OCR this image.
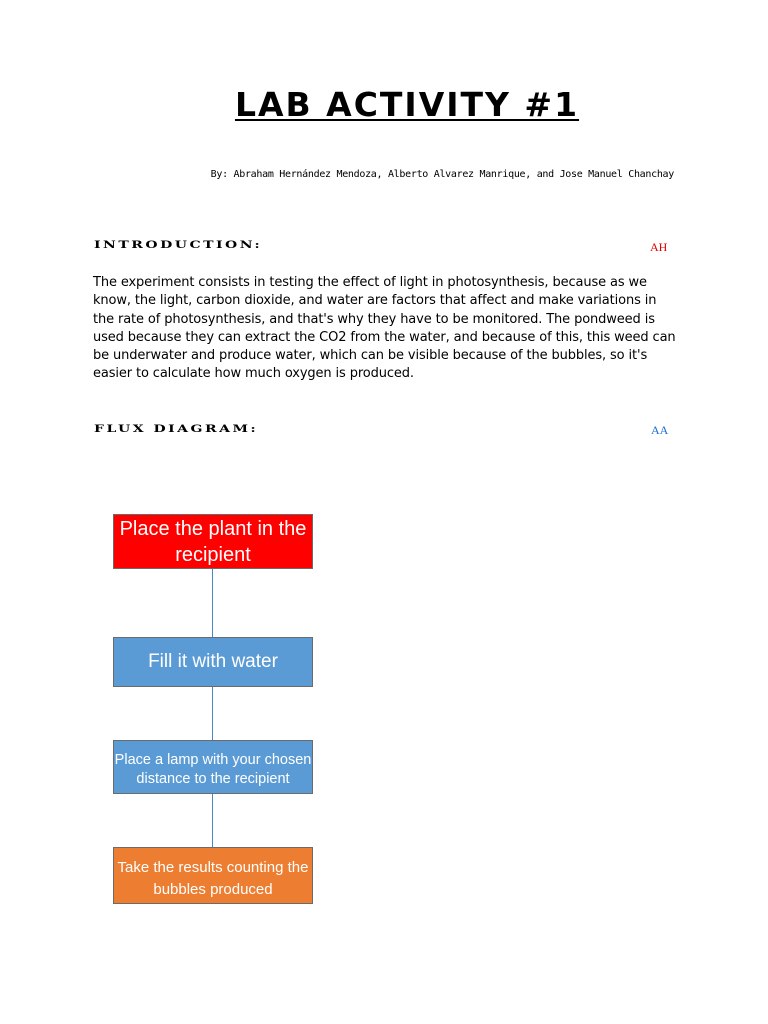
LAB ACTIVITY #1
By: Abraham Hernández Mendoza, Alberto Alvarez Manrique, and Jose Manuel Chanchay
INTRODUCTION:	AH

The experiment consists in testing the effect of light in photosynthesis, because as we know, the light, carbon dioxide, and water are factors that affect and make variations in the rate of photosynthesis, and that's why they have to be monitored. The pondweed is used because they can extract the CO2 from the water, and because of this, this weed can be underwater and produce water, which can be visible because of the bubbles, so it's easier to calculate how much oxygen is produced.

FLUX DIAGRAM:	AA
Place the plant in the recipient
Fill it with water
Place a lamp with your chosen distance to the recipient
Take the results counting the bubbles produced
